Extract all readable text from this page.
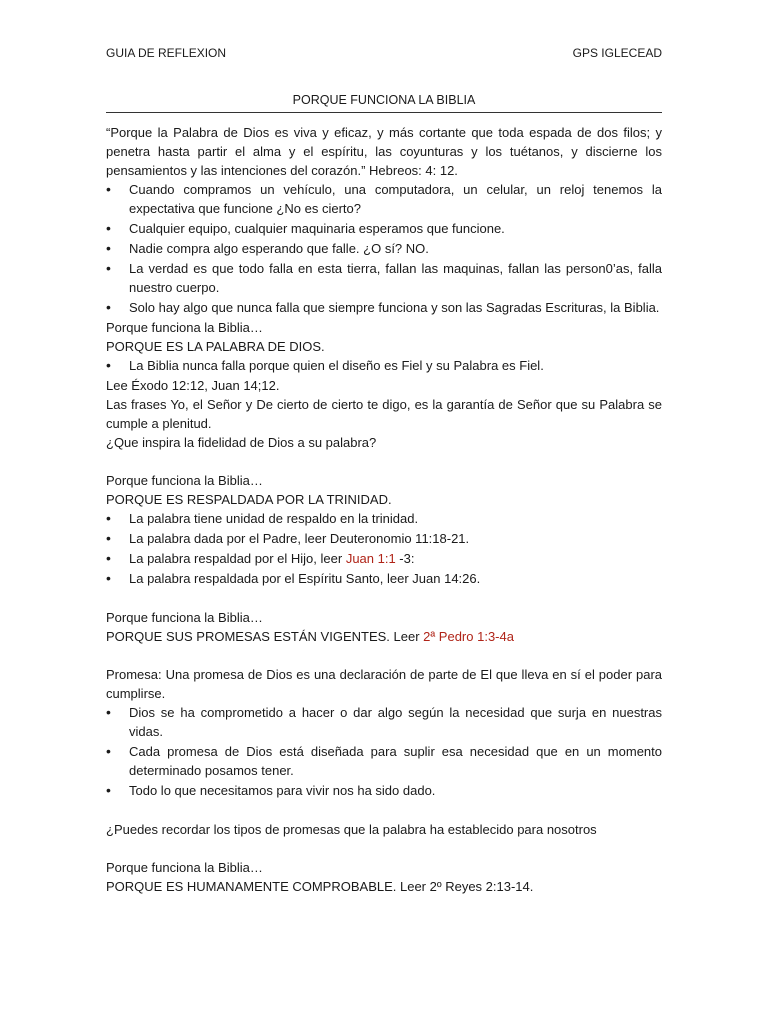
GUIA DE REFLEXION	GPS IGLECEAD
PORQUE FUNCIONA LA BIBLIA

“Porque la Palabra de Dios es viva y eficaz, y más cortante que toda espada de dos filos; y penetra hasta partir el alma y el espíritu, las coyunturas y los tuétanos, y discierne los pensamientos y las intenciones del corazón.” Hebreos: 4: 12.

•	Cuando compramos un vehículo, una computadora, un celular, un reloj tenemos la expectativa que funcione ¿No es cierto?
•	Cualquier equipo, cualquier maquinaria esperamos que funcione.
•	Nadie compra algo esperando que falle. ¿O sí? NO.
•	La verdad es que todo falla en esta tierra, fallan las maquinas, fallan las person0’as, falla nuestro cuerpo.
•	Solo hay algo que nunca falla que siempre funciona y son las Sagradas Escrituras, la Biblia.

Porque funciona la Biblia…

PORQUE ES LA PALABRA DE DIOS.

•	La Biblia nunca falla porque quien el diseño es Fiel y su Palabra es Fiel.

Lee Éxodo 12:12, Juan 14;12.

Las frases Yo, el Señor y De cierto de cierto te digo, es la garantía de Señor que su Palabra se cumple a plenitud.

¿Que inspira la fidelidad de Dios a su palabra?

Porque funciona la Biblia…

PORQUE ES RESPALDADA POR LA TRINIDAD.

•	La palabra tiene unidad de respaldo en la trinidad.
•	La palabra dada por el Padre, leer Deuteronomio 11:18-21.
•	La palabra respaldad por el Hijo, leer Juan 1:1 -3:
•	La palabra respaldada por el Espíritu Santo, leer Juan 14:26.

Porque funciona la Biblia…

PORQUE SUS PROMESAS ESTÁN VIGENTES. Leer 2ª Pedro 1:3-4a

Promesa: Una promesa de Dios es una declaración de parte de El que lleva en sí el poder para cumplirse.

•	Dios se ha comprometido a hacer o dar algo según la necesidad que surja en nuestras vidas.
•	Cada promesa de Dios está diseñada para suplir esa necesidad que en un momento determinado posamos tener.
•	Todo lo que necesitamos para vivir nos ha sido dado.

¿Puedes recordar los tipos de promesas que la palabra ha establecido para nosotros

Porque funciona la Biblia…

PORQUE ES HUMANAMENTE COMPROBABLE. Leer 2º Reyes 2:13-14.
